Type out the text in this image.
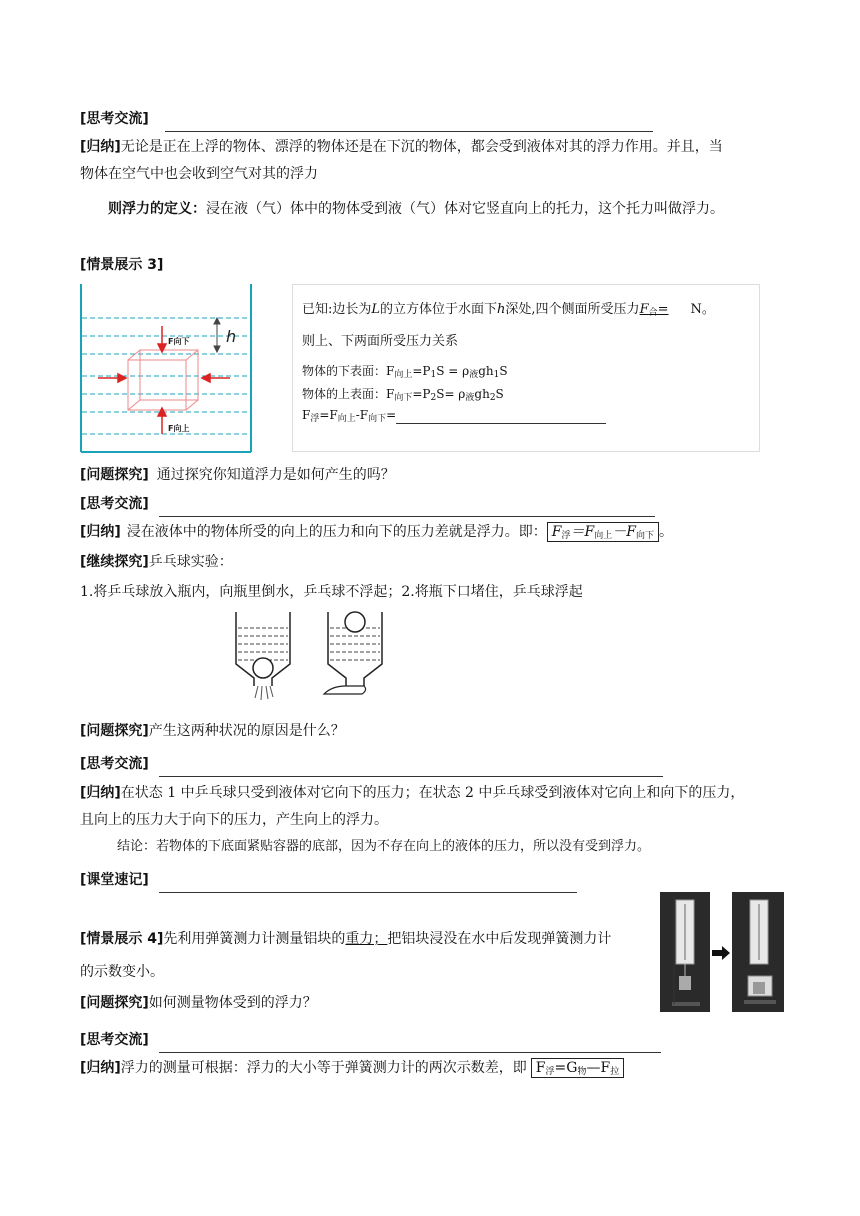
[思考交流]
[归纳]无论是正在上浮的物体、漂浮的物体还是在下沉的物体，都会受到液体对其的浮力作用。并且，当
物体在空气中也会收到空气对其的浮力
则浮力的定义：浸在液（气）体中的物体受到液（气）体对它竖直向上的托力，这个托力叫做浮力。
[情景展示 3]
h
F向下
F向上
已知:边长为L的立方体位于水面下h深处,四个侧面所受压力$F_合= N$。
则上、下两面所受压力关系
物体的下表面：$F_{向上}=P_1S = \rho_液gh_1S$
物体的上表面：$F_{向下}=P_2S= \rho_液gh_2S$
$F_浮=F_{向上}-F_{向下}=$
[问题探究] 通过探究你知道浮力是如何产生的吗？
[思考交流]
[归纳] 浸在液体中的物体所受的向上的压力和向下的压力差就是浮力。即： $F_浮=F_{向上}-F_{向下}$ 。
[继续探究]乒乓球实验：
1.将乒乓球放入瓶内，向瓶里倒水，乒乓球不浮起；2.将瓶下口堵住，乒乓球浮起
[问题探究]产生这两种状况的原因是什么？
[思考交流]
[归纳]在状态 1 中乒乓球只受到液体对它向下的压力；在状态 2 中乒乓球受到液体对它向上和向下的压力，
且向上的压力大于向下的压力，产生向上的浮力。
结论：若物体的下底面紧贴容器的底部，因为不存在向上的液体的压力，所以没有受到浮力。
[课堂速记]
[情景展示 4]先利用弹簧测力计测量铝块的重力；把铝块浸没在水中后发现弹簧测力计
的示数变小。
[问题探究]如何测量物体受到的浮力？
[思考交流]
[归纳]浮力的测量可根据：浮力的大小等于弹簧测力计的两次示数差，即 $F_浮=G_物—F_拉$
